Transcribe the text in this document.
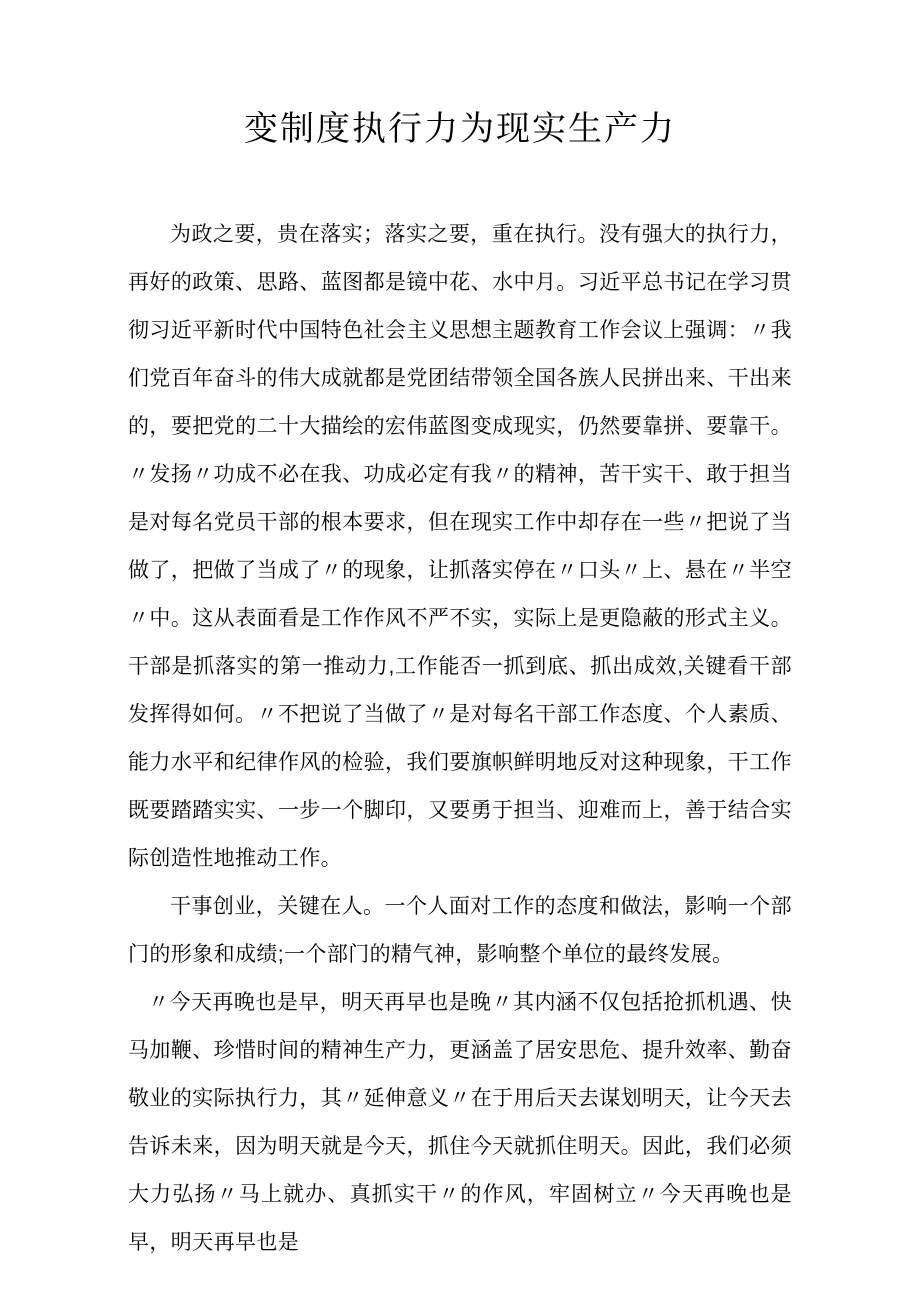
变制度执行力为现实生产力

为政之要，贵在落实；落实之要，重在执行。没有强大的执行力，再好的政策、思路、蓝图都是镜中花、水中月。习近平总书记在学习贯彻习近平新时代中国特色社会主义思想主题教育工作会议上强调：〃我们党百年奋斗的伟大成就都是党团结带领全国各族人民拼出来、干出来的，要把党的二十大描绘的宏伟蓝图变成现实，仍然要靠拼、要靠干。〃发扬〃功成不必在我、功成必定有我〃的精神，苦干实干、敢于担当是对每名党员干部的根本要求，但在现实工作中却存在一些〃把说了当做了，把做了当成了〃的现象，让抓落实停在〃口头〃上、悬在〃半空〃中。这从表面看是工作作风不严不实，实际上是更隐蔽的形式主义。干部是抓落实的第一推动力,工作能否一抓到底、抓出成效,关键看干部发挥得如何。〃不把说了当做了〃是对每名干部工作态度、个人素质、能力水平和纪律作风的检验，我们要旗帜鲜明地反对这种现象，干工作既要踏踏实实、一步一个脚印，又要勇于担当、迎难而上，善于结合实际创造性地推动工作。

干事创业，关键在人。一个人面对工作的态度和做法，影响一个部门的形象和成绩;一个部门的精气神，影响整个单位的最终发展。

〃今天再晚也是早，明天再早也是晚〃其内涵不仅包括抢抓机遇、快马加鞭、珍惜时间的精神生产力，更涵盖了居安思危、提升效率、勤奋敬业的实际执行力，其〃延伸意义〃在于用后天去谋划明天，让今天去告诉未来，因为明天就是今天，抓住今天就抓住明天。因此，我们必须大力弘扬〃马上就办、真抓实干〃的作风，牢固树立〃今天再晚也是早，明天再早也是
